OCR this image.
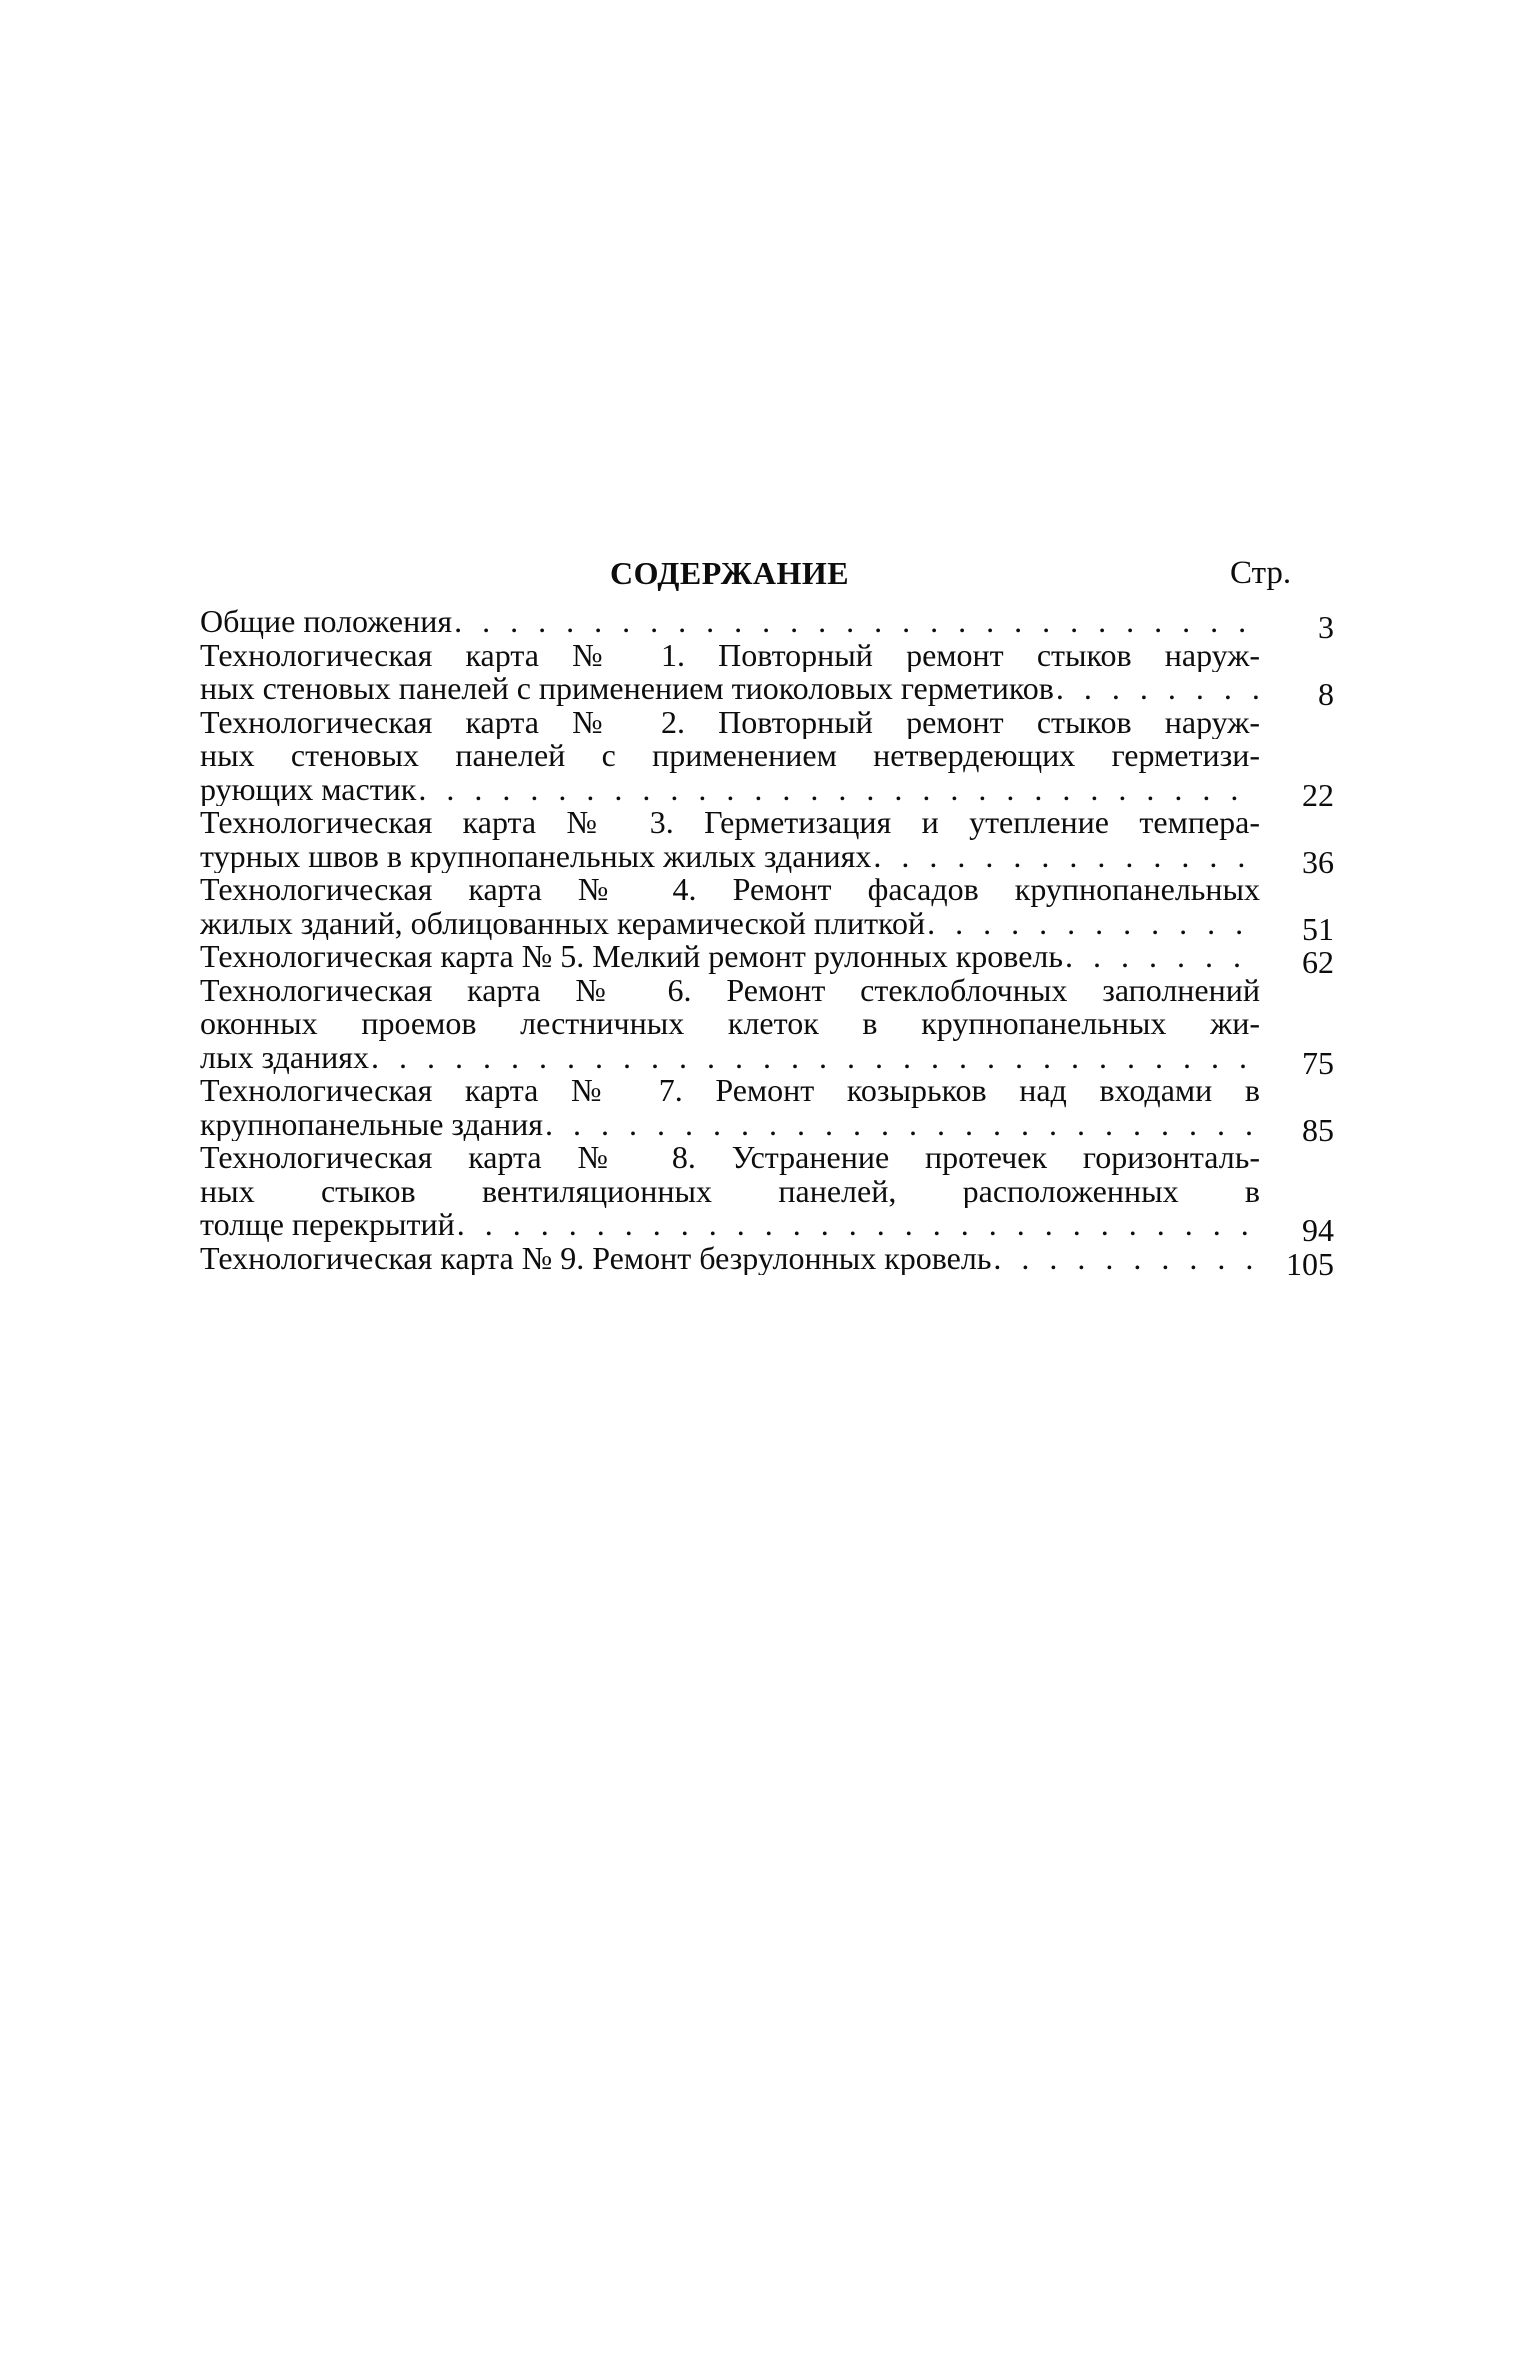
СОДЕРЖАНИЕ	Стр.
Общие положения . . .	3
Технологическая карта № 1. Повторный ремонт стыков наруж-
ных стеновых панелей с применением тиоколовых герметиков . . .	8
Технологическая карта № 2. Повторный ремонт стыков наруж-
ных стеновых панелей с применением нетвердеющих герметизи-
рующих мастик . . .	22
Технологическая карта № 3. Герметизация и утепление темпера-
турных швов в крупнопанельных жилых зданиях . . .	36
Технологическая карта № 4. Ремонт фасадов крупнопанельных
жилых зданий, облицованных керамической плиткой . . .	51
Технологическая карта № 5. Мелкий ремонт рулонных кровель . . .	62
Технологическая карта № 6. Ремонт стеклоблочных заполнений
оконных проемов лестничных клеток в крупнопанельных жи-
лых зданиях . . .	75
Технологическая карта № 7. Ремонт козырьков над входами в
крупнопанельные здания . . .	85
Технологическая карта № 8. Устранение протечек горизонталь-
ных стыков вентиляционных панелей, расположенных в
толще перекрытий . . .	94
Технологическая карта № 9. Ремонт безрулонных кровель . . .	105
